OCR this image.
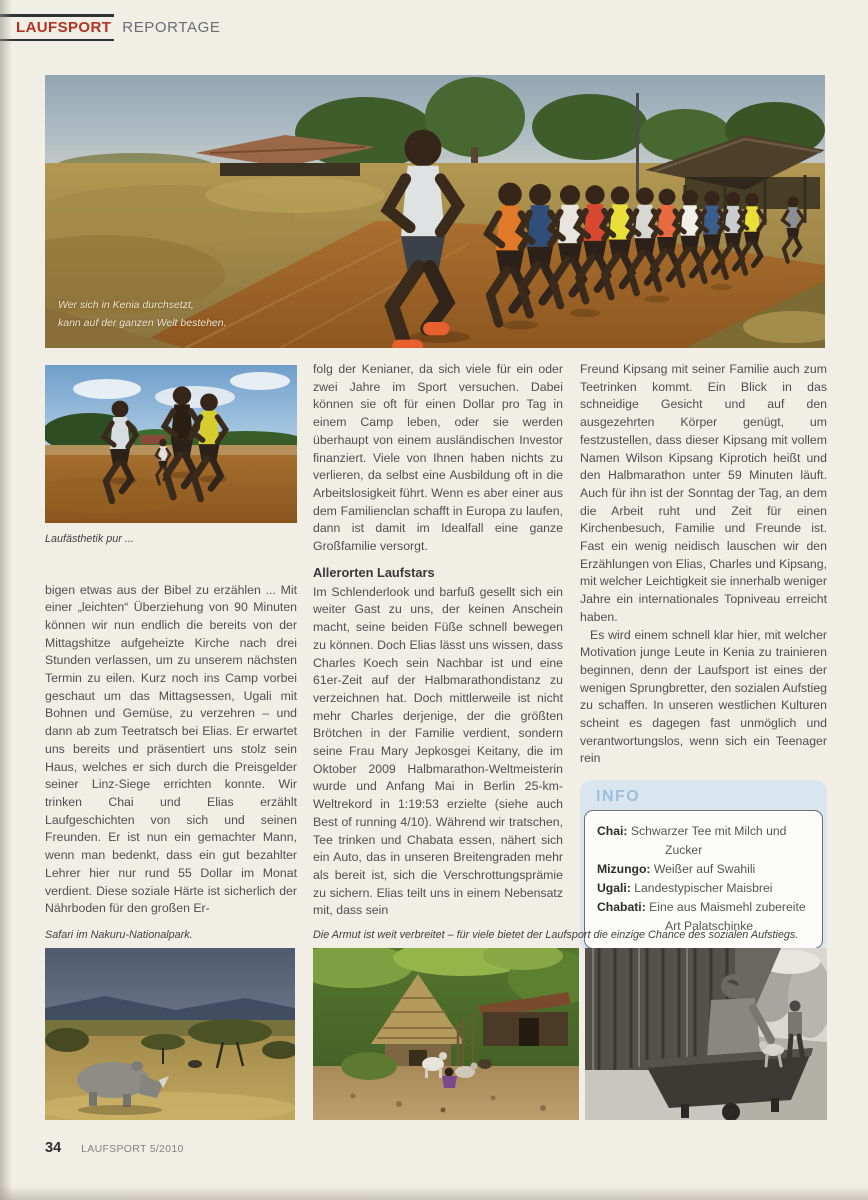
LAUFSPORT REPORTAGE
Wer sich in Kenia durchsetzt,
kann auf der ganzen Welt bestehen.
Laufästhetik pur ...

bigen etwas aus der Bibel zu erzählen ... Mit einer „leichten“ Überziehung von 90 Minuten können wir nun endlich die bereits von der Mittagshitze aufgeheizte Kirche nach drei Stunden verlassen, um zu unserem nächsten Termin zu eilen. Kurz noch ins Camp vorbei geschaut um das Mittagsessen, Ugali mit Bohnen und Gemüse, zu verzehren – und dann ab zum Teetratsch bei Elias. Er erwartet uns bereits und präsentiert uns stolz sein Haus, welches er sich durch die Preisgelder seiner Linz-Siege errichten konnte. Wir trinken Chai und Elias erzählt Laufgeschichten von sich und seinen Freunden. Er ist nun ein gemachter Mann, wenn man bedenkt, dass ein gut bezahlter Lehrer hier nur rund 55 Dollar im Monat verdient. Diese soziale Härte ist sicherlich der Nährboden für den großen Er-

folg der Kenianer, da sich viele für ein oder zwei Jahre im Sport versuchen. Dabei können sie oft für einen Dollar pro Tag in einem Camp leben, oder sie werden überhaupt von einem ausländischen Investor finanziert. Viele von Ihnen haben nichts zu verlieren, da selbst eine Ausbildung oft in die Arbeitslosigkeit führt. Wenn es aber einer aus dem Familienclan schafft in Europa zu laufen, dann ist damit im Idealfall eine ganze Großfamilie versorgt.

Allerorten Laufstars

Im Schlenderlook und barfuß gesellt sich ein weiter Gast zu uns, der keinen Anschein macht, seine beiden Füße schnell bewegen zu können. Doch Elias lässt uns wissen, dass Charles Koech sein Nachbar ist und eine 61er-Zeit auf der Halbmarathondistanz zu verzeichnen hat. Doch mittlerweile ist nicht mehr Charles derjenige, der die größten Brötchen in der Familie verdient, sondern seine Frau Mary Jepkosgei Keitany, die im Oktober 2009 Halbmarathon-Weltmeisterin wurde und Anfang Mai in Berlin 25-km-Weltrekord in 1:19:53 erzielte (siehe auch Best of running 4/10). Während wir tratschen, Tee trinken und Chabata essen, nähert sich ein Auto, das in unseren Breitengraden mehr als bereit ist, sich die Verschrottungsprämie zu sichern. Elias teilt uns in einem Nebensatz mit, dass sein

Freund Kipsang mit seiner Familie auch zum Teetrinken kommt. Ein Blick in das schneidige Gesicht und auf den ausgezehrten Körper genügt, um festzustellen, dass dieser Kipsang mit vollem Namen Wilson Kipsang Kiprotich heißt und den Halbmarathon unter 59 Minuten läuft. Auch für ihn ist der Sonntag der Tag, an dem die Arbeit ruht und Zeit für einen Kirchenbesuch, Familie und Freunde ist. Fast ein wenig neidisch lauschen wir den Erzählungen von Elias, Charles und Kipsang, mit welcher Leichtigkeit sie innerhalb weniger Jahre ein internationales Topniveau erreicht haben.

Es wird einem schnell klar hier, mit welcher Motivation junge Leute in Kenia zu trainieren beginnen, denn der Laufsport ist eines der wenigen Sprungbretter, den sozialen Aufstieg zu schaffen. In unseren westlichen Kulturen scheint es dagegen fast unmöglich und verantwortungslos, wenn sich ein Teenager rein

INFO
Chai: Schwarzer Tee mit Milch und Zucker
Mizungo: Weißer auf Swahili
Ugali: Landestypischer Maisbrei
Chabati: Eine aus Maismehl zubereite Art Palatschinke
Safari im Nakuru-Nationalpark.	Die Armut ist weit verbreitet – für viele bietet der Laufsport die einzige Chance des sozialen Aufstiegs.
34 LAUFSPORT 5/2010
